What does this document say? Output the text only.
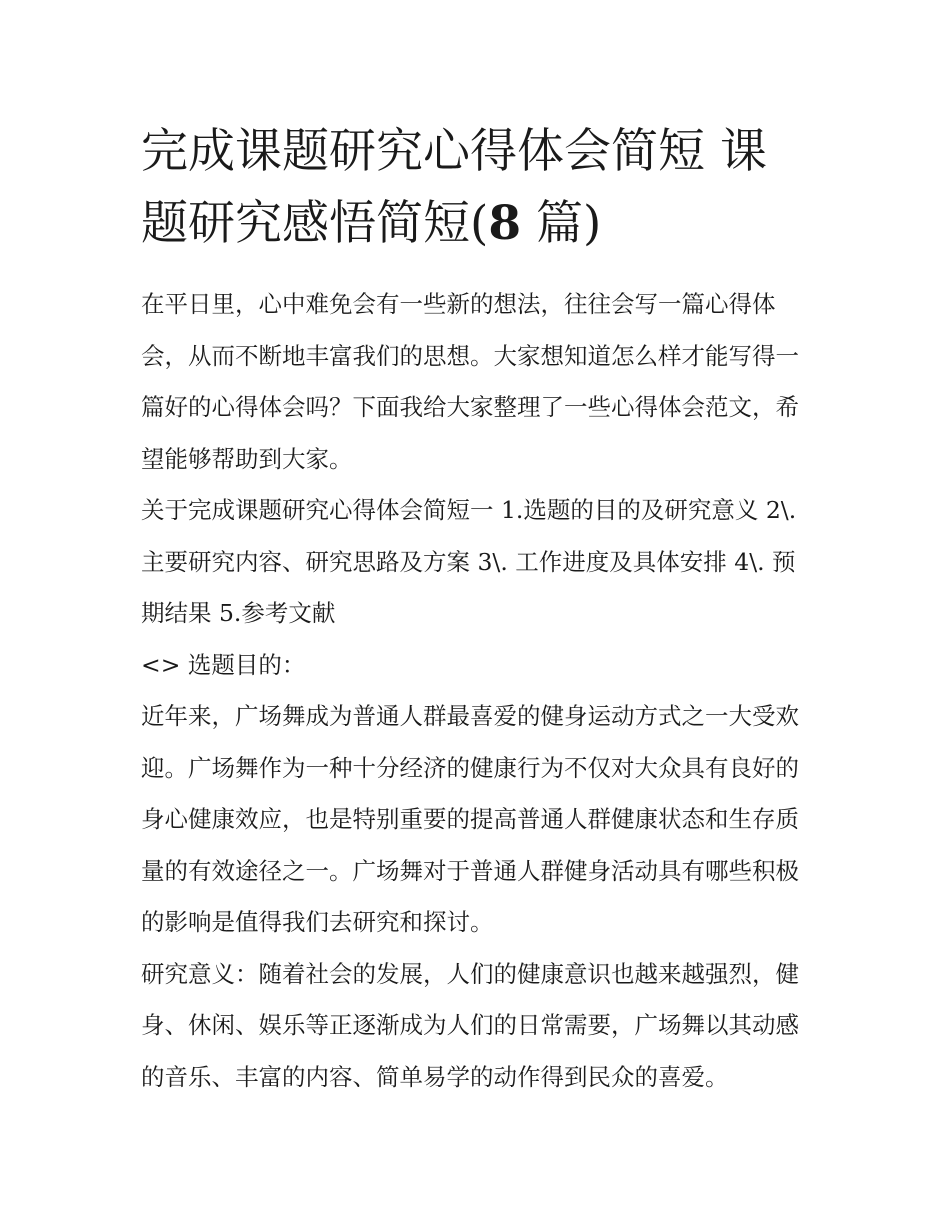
完成课题研究心得体会简短 课题研究感悟简短(8 篇)

在平日里，心中难免会有一些新的想法，往往会写一篇心得体会，从而不断地丰富我们的思想。大家想知道怎么样才能写得一篇好的心得体会吗？下面我给大家整理了一些心得体会范文，希望能够帮助到大家。

关于完成课题研究心得体会简短一 1.选题的目的及研究意义 2\. 主要研究内容、研究思路及方案 3\. 工作进度及具体安排 4\. 预期结果 5.参考文献

<> 选题目的：

近年来，广场舞成为普通人群最喜爱的健身运动方式之一大受欢迎。广场舞作为一种十分经济的健康行为不仅对大众具有良好的身心健康效应，也是特别重要的提高普通人群健康状态和生存质量的有效途径之一。广场舞对于普通人群健身活动具有哪些积极的影响是值得我们去研究和探讨。

研究意义：随着社会的发展，人们的健康意识也越来越强烈，健身、休闲、娱乐等正逐渐成为人们的日常需要，广场舞以其动感的音乐、丰富的内容、简单易学的动作得到民众的喜爱。
